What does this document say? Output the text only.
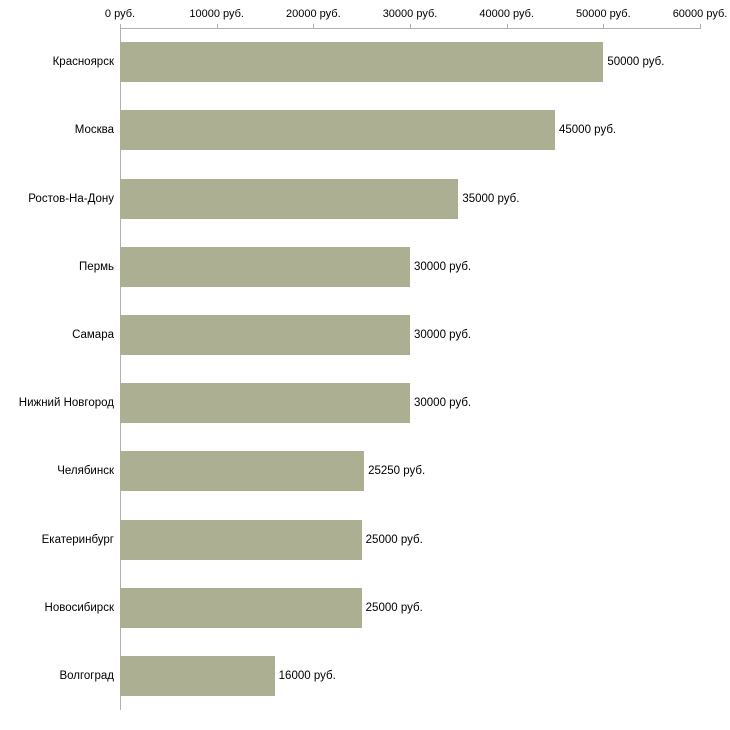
0 руб.	10000 руб.	20000 руб.	30000 руб.	40000 руб.	50000 руб.	60000 руб.
50000 руб.
Красноярск
45000 руб.
Москва
35000 руб.
Ростов-На-Дону
30000 руб.
Пермь
30000 руб.
Самара
30000 руб.
Нижний Новгород
25250 руб.
Челябинск
25000 руб.
Екатеринбург
25000 руб.
Новосибирск
16000 руб.
Волгоград
